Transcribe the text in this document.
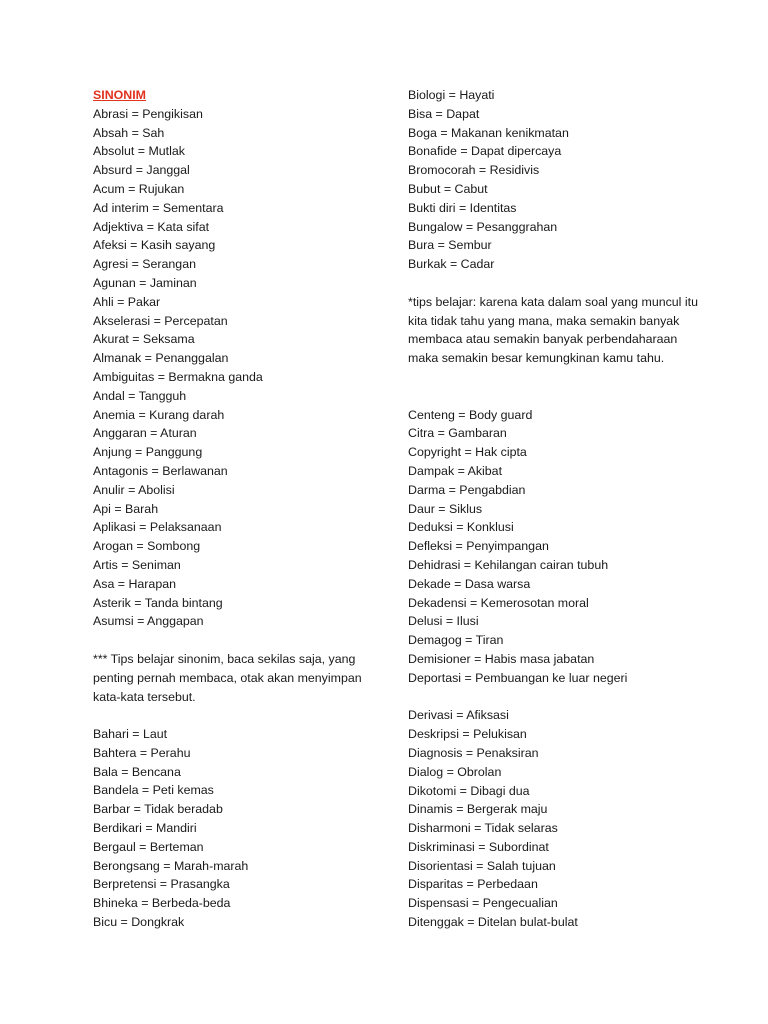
SINONIM
Abrasi = Pengikisan
Absah = Sah
Absolut = Mutlak
Absurd = Janggal
Acum = Rujukan
Ad interim = Sementara
Adjektiva = Kata sifat
Afeksi = Kasih sayang
Agresi = Serangan
Agunan = Jaminan
Ahli = Pakar
Akselerasi = Percepatan
Akurat = Seksama
Almanak = Penanggalan
Ambiguitas = Bermakna ganda
Andal = Tangguh
Anemia = Kurang darah
Anggaran = Aturan
Anjung = Panggung
Antagonis = Berlawanan
Anulir = Abolisi
Api = Barah
Aplikasi = Pelaksanaan
Arogan = Sombong
Artis = Seniman
Asa = Harapan
Asterik = Tanda bintang
Asumsi = Anggapan
*** Tips belajar sinonim, baca sekilas saja, yang penting pernah membaca, otak akan menyimpan kata-kata tersebut.
Bahari = Laut
Bahtera = Perahu
Bala = Bencana
Bandela = Peti kemas
Barbar = Tidak beradab
Berdikari = Mandiri
Bergaul = Berteman
Berongsang = Marah-marah
Berpretensi = Prasangka
Bhineka = Berbeda-beda
Bicu = Dongkrak
Biologi = Hayati
Bisa = Dapat
Boga = Makanan kenikmatan
Bonafide = Dapat dipercaya
Bromocorah = Residivis
Bubut = Cabut
Bukti diri = Identitas
Bungalow = Pesanggrahan
Bura = Sembur
Burkak = Cadar
*tips belajar: karena kata dalam soal yang muncul itu kita tidak tahu yang mana, maka semakin banyak membaca atau semakin banyak perbendaharaan maka semakin besar kemungkinan kamu tahu.
Centeng = Body guard
Citra = Gambaran
Copyright = Hak cipta
Dampak = Akibat
Darma = Pengabdian
Daur = Siklus
Deduksi = Konklusi
Defleksi = Penyimpangan
Dehidrasi = Kehilangan cairan tubuh
Dekade = Dasa warsa
Dekadensi = Kemerosotan moral
Delusi = Ilusi
Demagog = Tiran
Demisioner = Habis masa jabatan
Deportasi = Pembuangan ke luar negeri
Derivasi = Afiksasi
Deskripsi = Pelukisan
Diagnosis = Penaksiran
Dialog = Obrolan
Dikotomi = Dibagi dua
Dinamis = Bergerak maju
Disharmoni = Tidak selaras
Diskriminasi = Subordinat
Disorientasi = Salah tujuan
Disparitas = Perbedaan
Dispensasi = Pengecualian
Ditenggak = Ditelan bulat-bulat
